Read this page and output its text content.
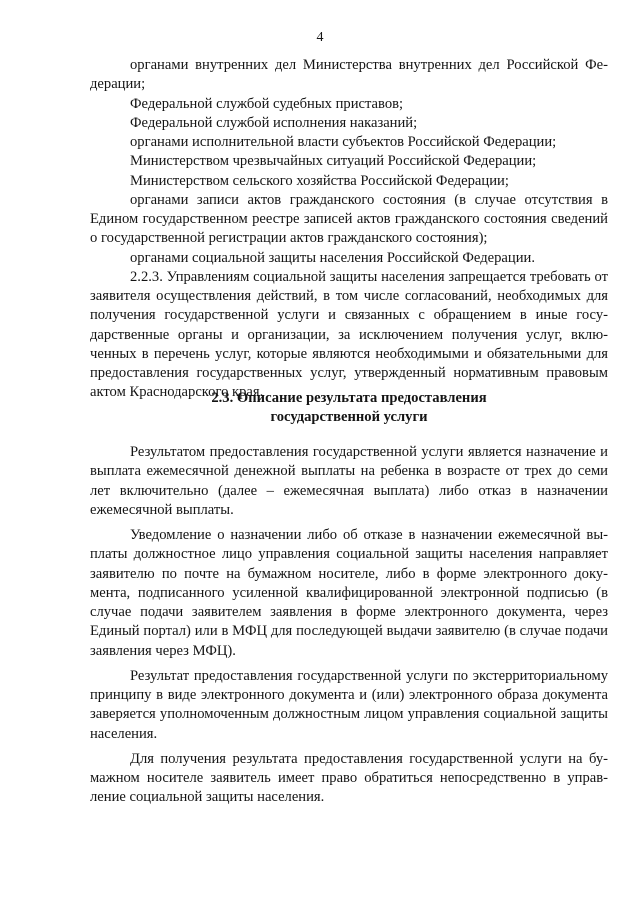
4

органами внутренних дел Министерства внутренних дел Российской Федерации;

Федеральной службой судебных приставов;

Федеральной службой исполнения наказаний;

органами исполнительной власти субъектов Российской Федерации;

Министерством чрезвычайных ситуаций Российской Федерации;

Министерством сельского хозяйства Российской Федерации;

органами записи актов гражданского состояния (в случае отсутствия в Едином государственном реестре записей актов гражданского состояния сведений о государственной регистрации актов гражданского состояния);

органами социальной защиты населения Российской Федерации.

2.2.3. Управлениям социальной защиты населения запрещается требовать от заявителя осуществления действий, в том числе согласований, необходимых для получения государственной услуги и связанных с обращением в иные государственные органы и организации, за исключением получения услуг, включенных в перечень услуг, которые являются необходимыми и обязательными для предоставления государственных услуг, утвержденный нормативным правовым актом Краснодарского края.

2.3. Описание результата предоставления
государственной услуги

Результатом предоставления государственной услуги является назначение и выплата ежемесячной денежной выплаты на ребенка в возрасте от трех до семи лет включительно (далее – ежемесячная выплата) либо отказ в назначении ежемесячной выплаты.

Уведомление о назначении либо об отказе в назначении ежемесячной выплаты должностное лицо управления социальной защиты населения направляет заявителю по почте на бумажном носителе, либо в форме электронного документа, подписанного усиленной квалифицированной электронной подписью (в случае подачи заявителем заявления в форме электронного документа, через Единый портал) или в МФЦ для последующей выдачи заявителю (в случае подачи заявления через МФЦ).

Результат предоставления государственной услуги по экстерриториальному принципу в виде электронного документа и (или) электронного образа документа заверяется уполномоченным должностным лицом управления социальной защиты населения.

Для получения результата предоставления государственной услуги на бумажном носителе заявитель имеет право обратиться непосредственно в управление социальной защиты населения.
